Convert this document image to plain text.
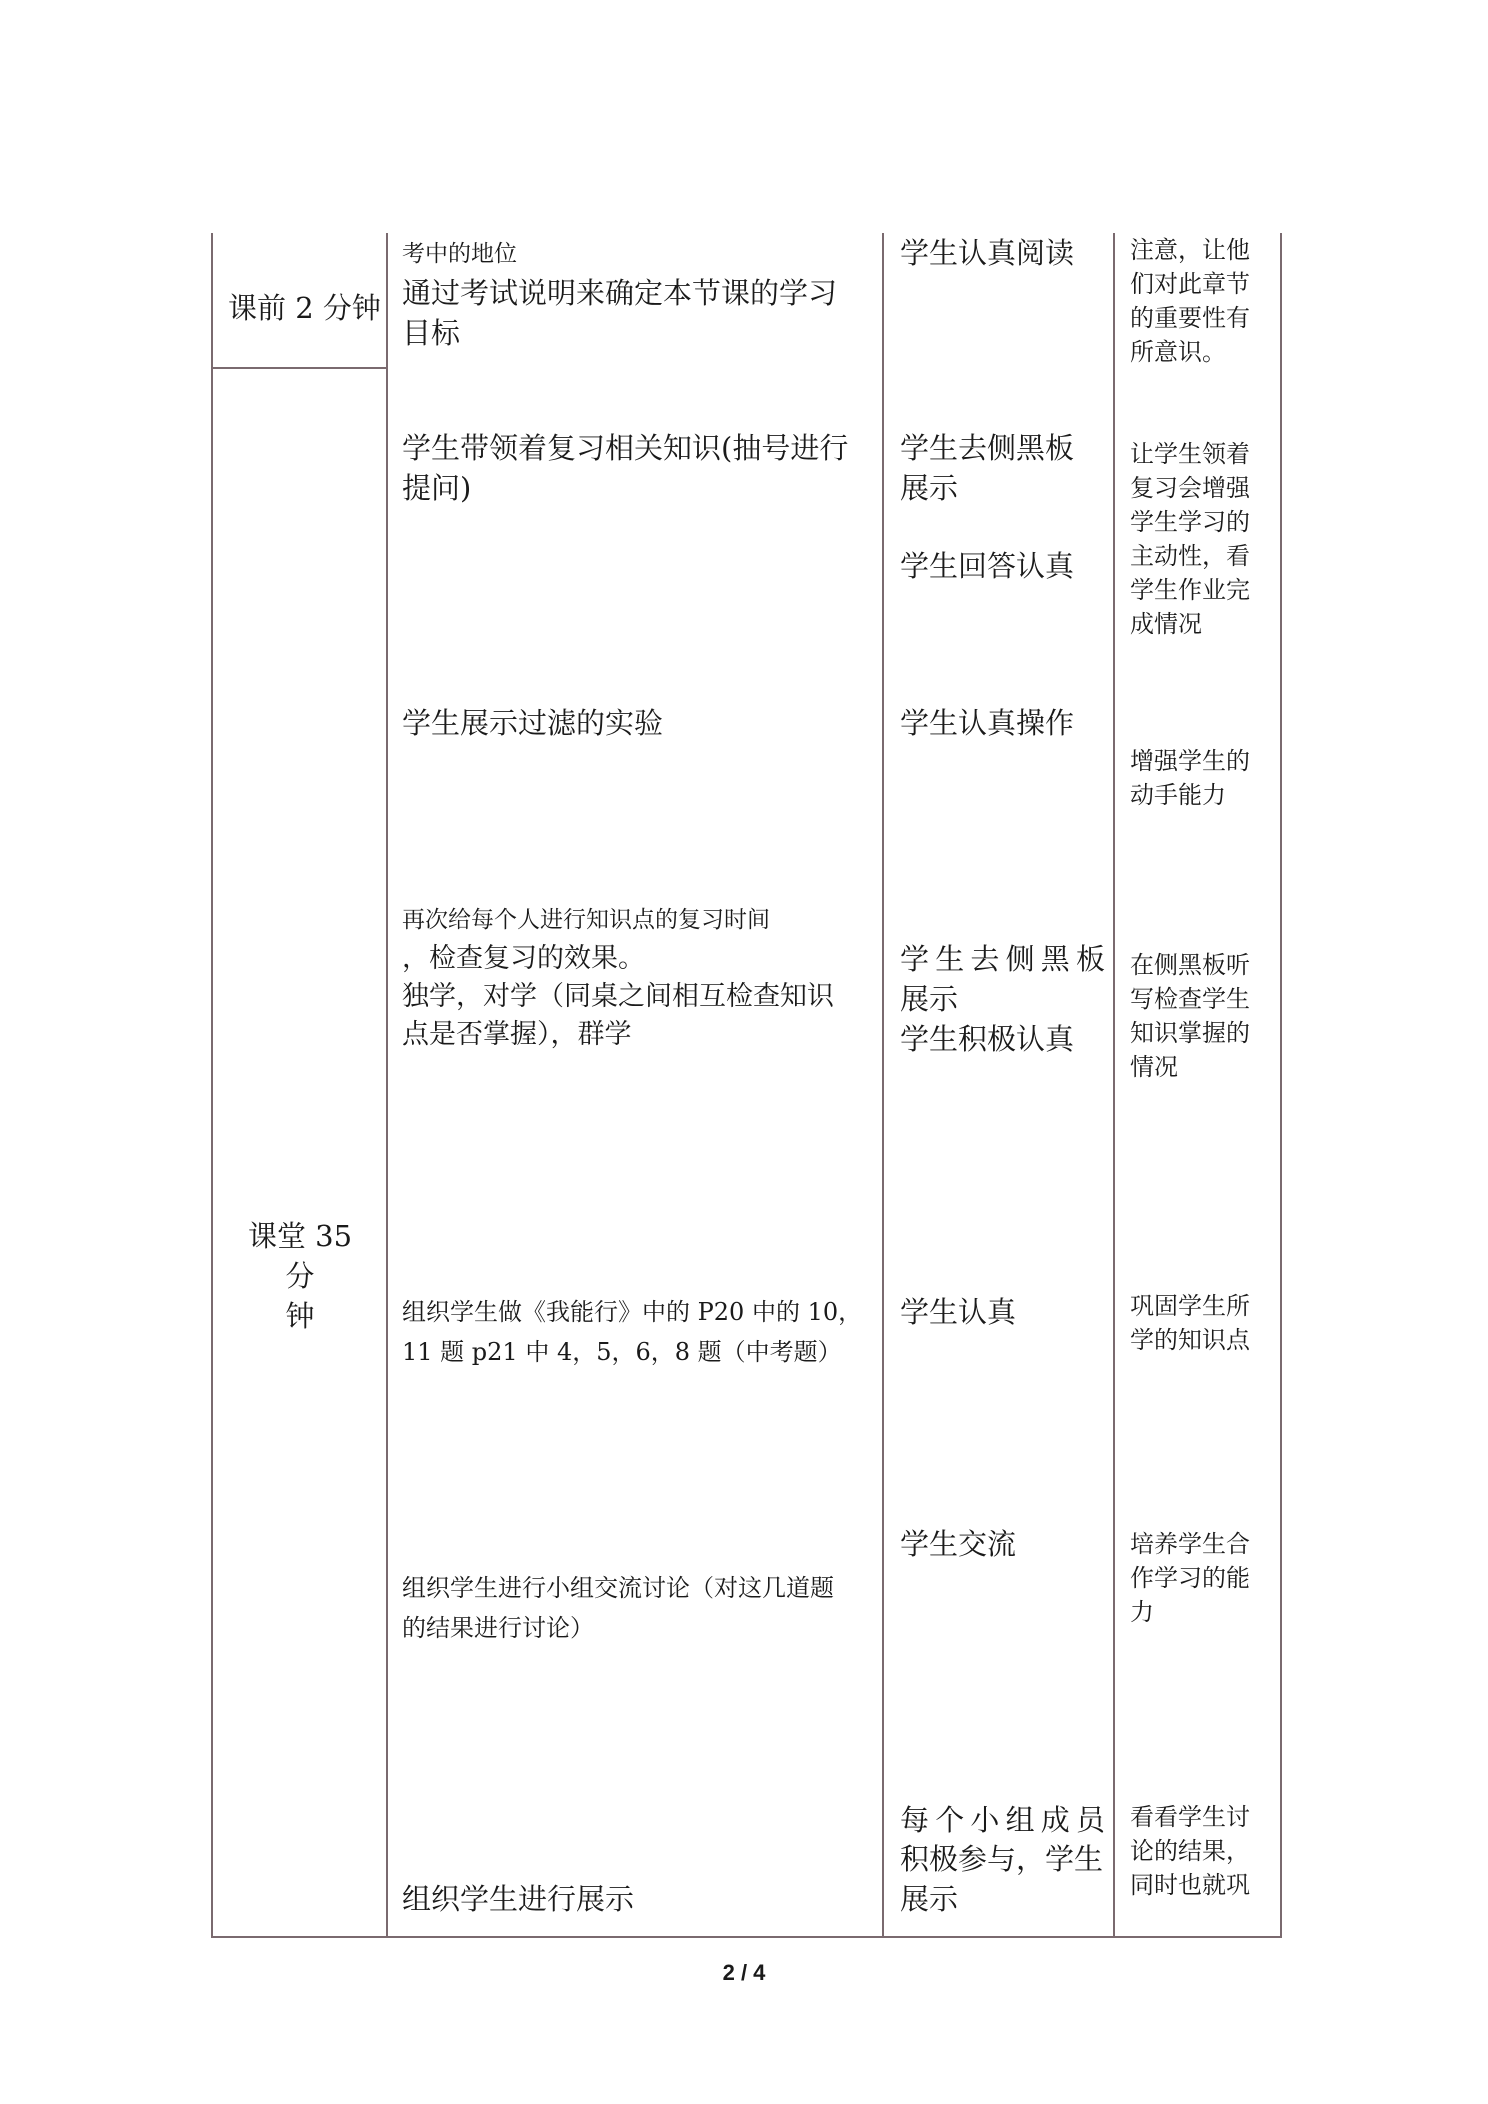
课前 2 分钟
课堂 35 分
钟
考中的地位
通过考试说明来确定本节课的学习
目标
学生带领着复习相关知识(抽号进行
提问)
学生展示过滤的实验
再次给每个人进行知识点的复习时间
，检查复习的效果。
独学，对学（同桌之间相互检查知识
点是否掌握），群学
组织学生做《我能行》中的 P20 中的 10，
11 题 p21 中 4，5，6，8 题（中考题）
组织学生进行小组交流讨论（对这几道题
的结果进行讨论）
组织学生进行展示
学生认真阅读
学生去侧黑板
展示
学生回答认真
学生认真操作
学生去侧黑板
展示
学生积极认真
学生认真
学生交流
每个小组成员
积极参与，学生
展示
注意，让他
们对此章节
的重要性有
所意识。
让学生领着
复习会增强
学生学习的
主动性，看
学生作业完
成情况
增强学生的
动手能力
在侧黑板听
写检查学生
知识掌握的
情况
巩固学生所
学的知识点
培养学生合
作学习的能
力
看看学生讨
论的结果，
同时也就巩
2 / 4
